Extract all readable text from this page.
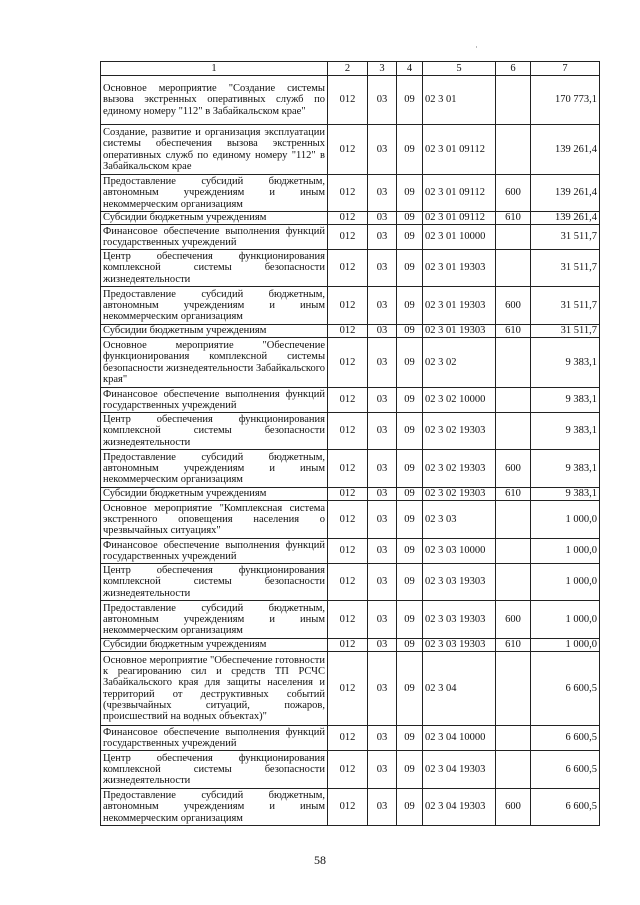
1	2	3	4	5	6	7
Основное мероприятие "Создание системы вызова экстренных оперативных служб по единому номеру "112" в Забайкальском крае"	012	03	09	02 3 01		170 773,1
Создание, развитие и организация эксплуатации системы обеспечения вызова экстренных оперативных служб по единому номеру "112" в Забайкальском крае	012	03	09	02 3 01 09112		139 261,4
Предоставление субсидий бюджетным, автономным учреждениям и иным некоммерческим организациям	012	03	09	02 3 01 09112	600	139 261,4
Субсидии бюджетным учреждениям	012	03	09	02 3 01 09112	610	139 261,4
Финансовое обеспечение выполнения функций государственных учреждений	012	03	09	02 3 01 10000		31 511,7
Центр обеспечения функционирования комплексной системы безопасности жизнедеятельности	012	03	09	02 3 01 19303		31 511,7
Предоставление субсидий бюджетным, автономным учреждениям и иным некоммерческим организациям	012	03	09	02 3 01 19303	600	31 511,7
Субсидии бюджетным учреждениям	012	03	09	02 3 01 19303	610	31 511,7
Основное мероприятие "Обеспечение функционирования комплексной системы безопасности жизнедеятельности Забайкальского края"	012	03	09	02 3 02		9 383,1
Финансовое обеспечение выполнения функций государственных учреждений	012	03	09	02 3 02 10000		9 383,1
Центр обеспечения функционирования комплексной системы безопасности жизнедеятельности	012	03	09	02 3 02 19303		9 383,1
Предоставление субсидий бюджетным, автономным учреждениям и иным некоммерческим организациям	012	03	09	02 3 02 19303	600	9 383,1
Субсидии бюджетным учреждениям	012	03	09	02 3 02 19303	610	9 383,1
Основное мероприятие "Комплексная система экстренного оповещения населения о чрезвычайных ситуациях"	012	03	09	02 3 03		1 000,0
Финансовое обеспечение выполнения функций государственных учреждений	012	03	09	02 3 03 10000		1 000,0
Центр обеспечения функционирования комплексной системы безопасности жизнедеятельности	012	03	09	02 3 03 19303		1 000,0
Предоставление субсидий бюджетным, автономным учреждениям и иным некоммерческим организациям	012	03	09	02 3 03 19303	600	1 000,0
Субсидии бюджетным учреждениям	012	03	09	02 3 03 19303	610	1 000,0
Основное мероприятие "Обеспечение готовности к реагированию сил и средств ТП РСЧС Забайкальского края для защиты населения и территорий от деструктивных событий (чрезвычайных ситуаций, пожаров, происшествий на водных объектах)"	012	03	09	02 3 04		6 600,5
Финансовое обеспечение выполнения функций государственных учреждений	012	03	09	02 3 04 10000		6 600,5
Центр обеспечения функционирования комплексной системы безопасности жизнедеятельности	012	03	09	02 3 04 19303		6 600,5
Предоставление субсидий бюджетным, автономным учреждениям и иным некоммерческим организациям	012	03	09	02 3 04 19303	600	6 600,5
58
